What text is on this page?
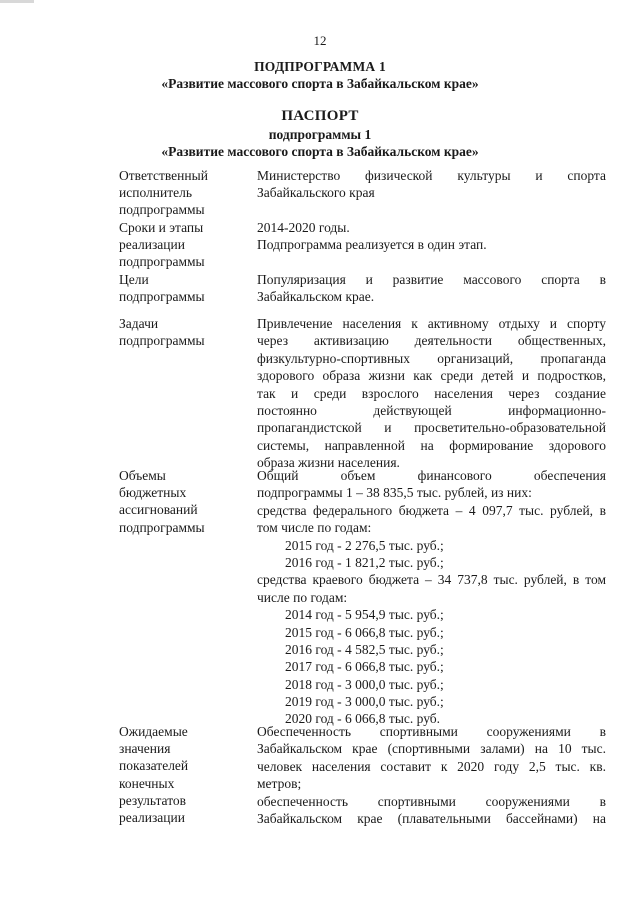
12
ПОДПРОГРАММА 1
«Развитие массового спорта в Забайкальском крае»
ПАСПОРТ
подпрограммы 1
«Развитие массового спорта в Забайкальском крае»
Ответственный
исполнитель
подпрограммы
Министерство физической культуры и спорта
Забайкальского края
Сроки и этапы
реализации
подпрограммы
2014-2020 годы.
Подпрограмма реализуется в один этап.
Цели
подпрограммы
Популяризация и развитие массового спорта в
Забайкальском крае.
Задачи
подпрограммы
Привлечение населения к активному отдыху и спорту
через активизацию деятельности общественных,
физкультурно-спортивных организаций, пропаганда
здорового образа жизни как среди детей и подростков,
так и среди взрослого населения через создание
постоянно действующей информационно-
пропагандистской и просветительно-образовательной
системы, направленной на формирование здорового
образа жизни населения.
Объемы
бюджетных
ассигнований
подпрограммы
Общий объем финансового обеспечения
подпрограммы 1 – 38 835,5 тыс. рублей, из них:
средства федерального бюджета – 4 097,7 тыс. рублей, в
том числе по годам:
2015 год - 2 276,5 тыс. руб.;
2016 год - 1 821,2 тыс. руб.;
средства краевого бюджета – 34 737,8 тыс. рублей, в том
числе по годам:
2014 год - 5 954,9 тыс. руб.;
2015 год - 6 066,8 тыс. руб.;
2016 год - 4 582,5 тыс. руб.;
2017 год - 6 066,8 тыс. руб.;
2018 год - 3 000,0 тыс. руб.;
2019 год - 3 000,0 тыс. руб.;
2020 год - 6 066,8 тыс. руб.
Ожидаемые
значения
показателей
конечных
результатов
реализации
Обеспеченность спортивными сооружениями в
Забайкальском крае (спортивными залами) на 10 тыс.
человек населения составит к 2020 году 2,5 тыс. кв.
метров;
обеспеченность спортивными сооружениями в
Забайкальском крае (плавательными бассейнами) на
